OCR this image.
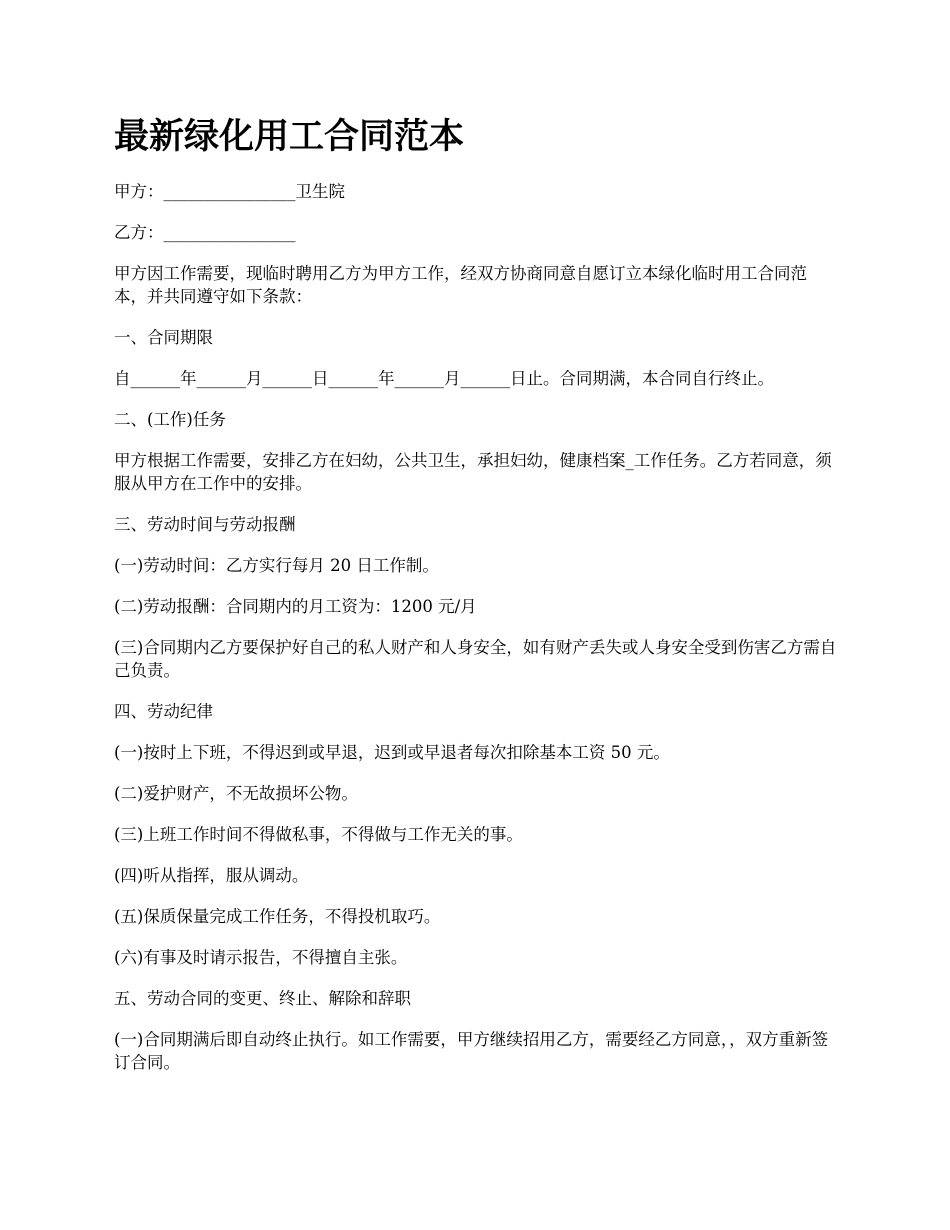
最新绿化用工合同范本

甲方：________________卫生院

乙方：________________

甲方因工作需要，现临时聘用乙方为甲方工作，经双方协商同意自愿订立本绿化临时用工合同范本，并共同遵守如下条款：

一、合同期限

自______年______月______日______年______月______日止。合同期满，本合同自行终止。

二、(工作)任务

甲方根据工作需要，安排乙方在妇幼，公共卫生，承担妇幼，健康档案_工作任务。乙方若同意，须服从甲方在工作中的安排。

三、劳动时间与劳动报酬

(一)劳动时间：乙方实行每月 20 日工作制。

(二)劳动报酬：合同期内的月工资为：1200 元/月

(三)合同期内乙方要保护好自己的私人财产和人身安全，如有财产丢失或人身安全受到伤害乙方需自己负责。

四、劳动纪律

(一)按时上下班，不得迟到或早退，迟到或早退者每次扣除基本工资 50 元。

(二)爱护财产，不无故损坏公物。

(三)上班工作时间不得做私事，不得做与工作无关的事。

(四)听从指挥，服从调动。

(五)保质保量完成工作任务，不得投机取巧。

(六)有事及时请示报告，不得擅自主张。

五、劳动合同的变更、终止、解除和辞职

(一)合同期满后即自动终止执行。如工作需要，甲方继续招用乙方，需要经乙方同意，，双方重新签订合同。
